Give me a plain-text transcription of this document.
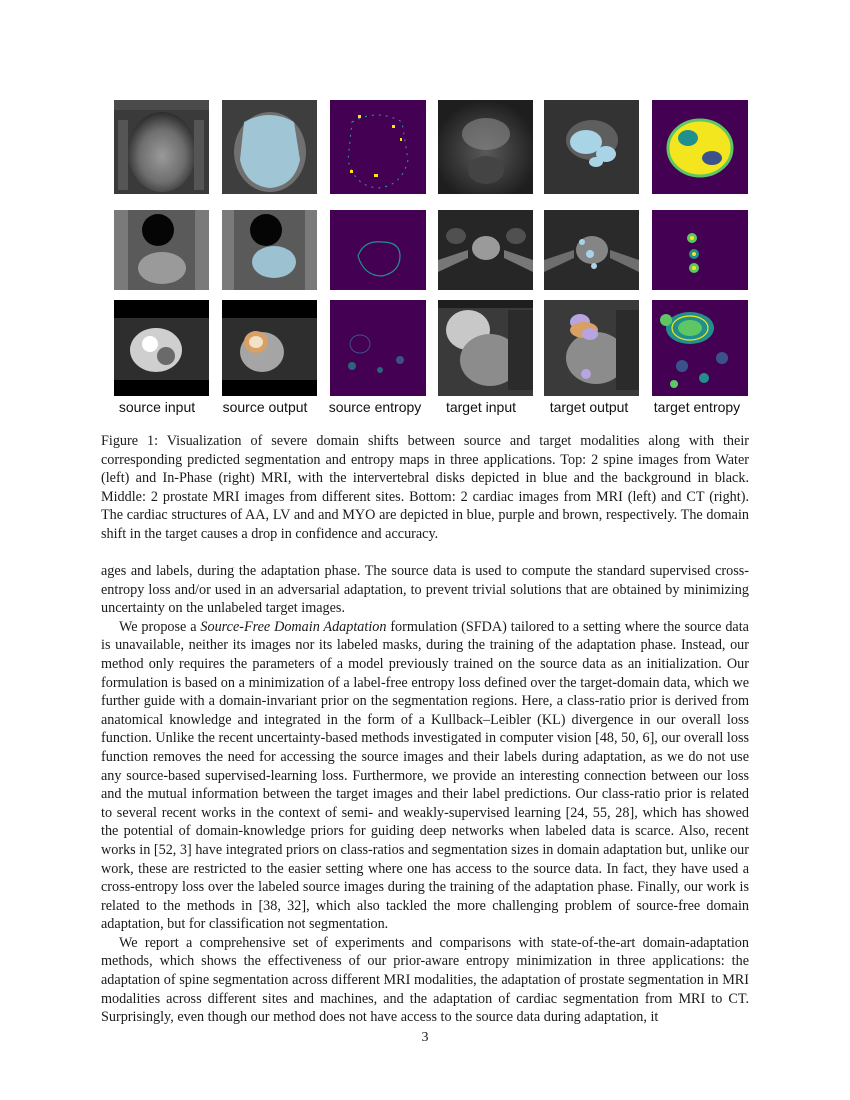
source input	source output	source entropy	target input	target output	target entropy

Figure 1: Visualization of severe domain shifts between source and target modalities along with their corresponding predicted segmentation and entropy maps in three applications. Top: 2 spine images from Water (left) and In-Phase (right) MRI, with the intervertebral disks depicted in blue and the background in black. Middle: 2 prostate MRI images from different sites. Bottom: 2 cardiac images from MRI (left) and CT (right). The cardiac structures of AA, LV and and MYO are depicted in blue, purple and brown, respectively. The domain shift in the target causes a drop in confidence and accuracy.

ages and labels, during the adaptation phase. The source data is used to compute the standard supervised cross-entropy loss and/or used in an adversarial adaptation, to prevent trivial solutions that are obtained by minimizing uncertainty on the unlabeled target images.

We propose a Source-Free Domain Adaptation formulation (SFDA) tailored to a setting where the source data is unavailable, neither its images nor its labeled masks, during the training of the adaptation phase. Instead, our method only requires the parameters of a model previously trained on the source data as an initialization. Our formulation is based on a minimization of a label-free entropy loss defined over the target-domain data, which we further guide with a domain-invariant prior on the segmentation regions. Here, a class-ratio prior is derived from anatomical knowledge and integrated in the form of a Kullback–Leibler (KL) divergence in our overall loss function. Unlike the recent uncertainty-based methods investigated in computer vision [48, 50, 6], our overall loss function removes the need for accessing the source images and their labels during adaptation, as we do not use any source-based supervised-learning loss. Furthermore, we provide an interesting connection between our loss and the mutual information between the target images and their label predictions. Our class-ratio prior is related to several recent works in the context of semi- and weakly-supervised learning [24, 55, 28], which has showed the potential of domain-knowledge priors for guiding deep networks when labeled data is scarce. Also, recent works in [52, 3] have integrated priors on class-ratios and segmentation sizes in domain adaptation but, unlike our work, these are restricted to the easier setting where one has access to the source data. In fact, they have used a cross-entropy loss over the labeled source images during the training of the adaptation phase. Finally, our work is related to the methods in [38, 32], which also tackled the more challenging problem of source-free domain adaptation, but for classification not segmentation.

We report a comprehensive set of experiments and comparisons with state-of-the-art domain-adaptation methods, which shows the effectiveness of our prior-aware entropy minimization in three applications: the adaptation of spine segmentation across different MRI modalities, the adaptation of prostate segmentation in MRI modalities across different sites and machines, and the adaptation of cardiac segmentation from MRI to CT. Surprisingly, even though our method does not have access to the source data during adaptation, it

3
